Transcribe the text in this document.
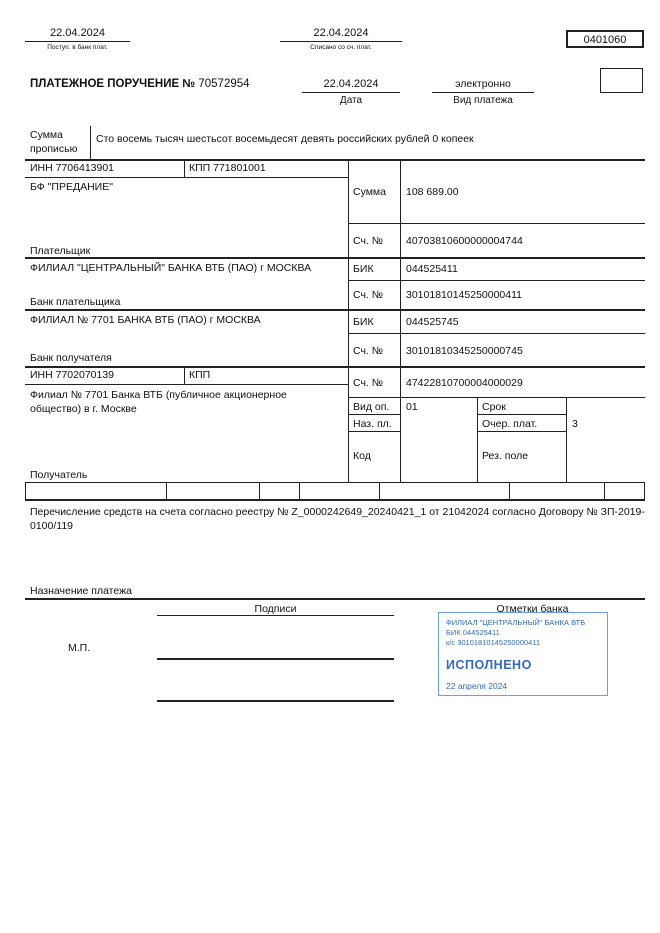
22.04.2024
Поступ. в банк плат.
22.04.2024
Списано со сч. плат.
0401060
ПЛАТЕЖНОЕ ПОРУЧЕНИЕ № 70572954	22.04.2024
Дата
электронно
Вид платежа
Сумма прописью
Сто восемь тысяч шестьсот восемьдесят девять российских рублей 0 копеек
ИНН 7706413901	КПП 771801001
БФ "ПРЕДАНИЕ"
Плательщик
Сумма 108 689.00
Сч. № 40703810600000004744
ФИЛИАЛ "ЦЕНТРАЛЬНЫЙ" БАНКА ВТБ (ПАО) г МОСКВА
Банк плательщика
БИК	044525411
Сч. № 30101810145250000411
ФИЛИАЛ № 7701 БАНКА ВТБ (ПАО) г МОСКВА
Банк получателя
БИК	044525745
Сч. № 30101810345250000745
ИНН 7702070139	КПП
Филиал № 7701 Банка ВТБ (публичное акционерное общество) в г. Москве
Получатель
Сч. № 47422810700004000029
Вид оп. 01	Срок
Наз. пл.	Очер. плат.	3
Код	Рез. поле
Перечисление средств на счета согласно реестру № Z_0000242649_20240421_1 от 21042024 согласно Договору № ЗП-2019-0100/119
Назначение платежа
Подписи	Отметки банка
М.П.
ФИЛИАЛ "ЦЕНТРАЛЬНЫЙ" БАНКА ВТБ
БИК 044525411
к/с 30101810145250000411
ИСПОЛНЕНО
22 апреля 2024
